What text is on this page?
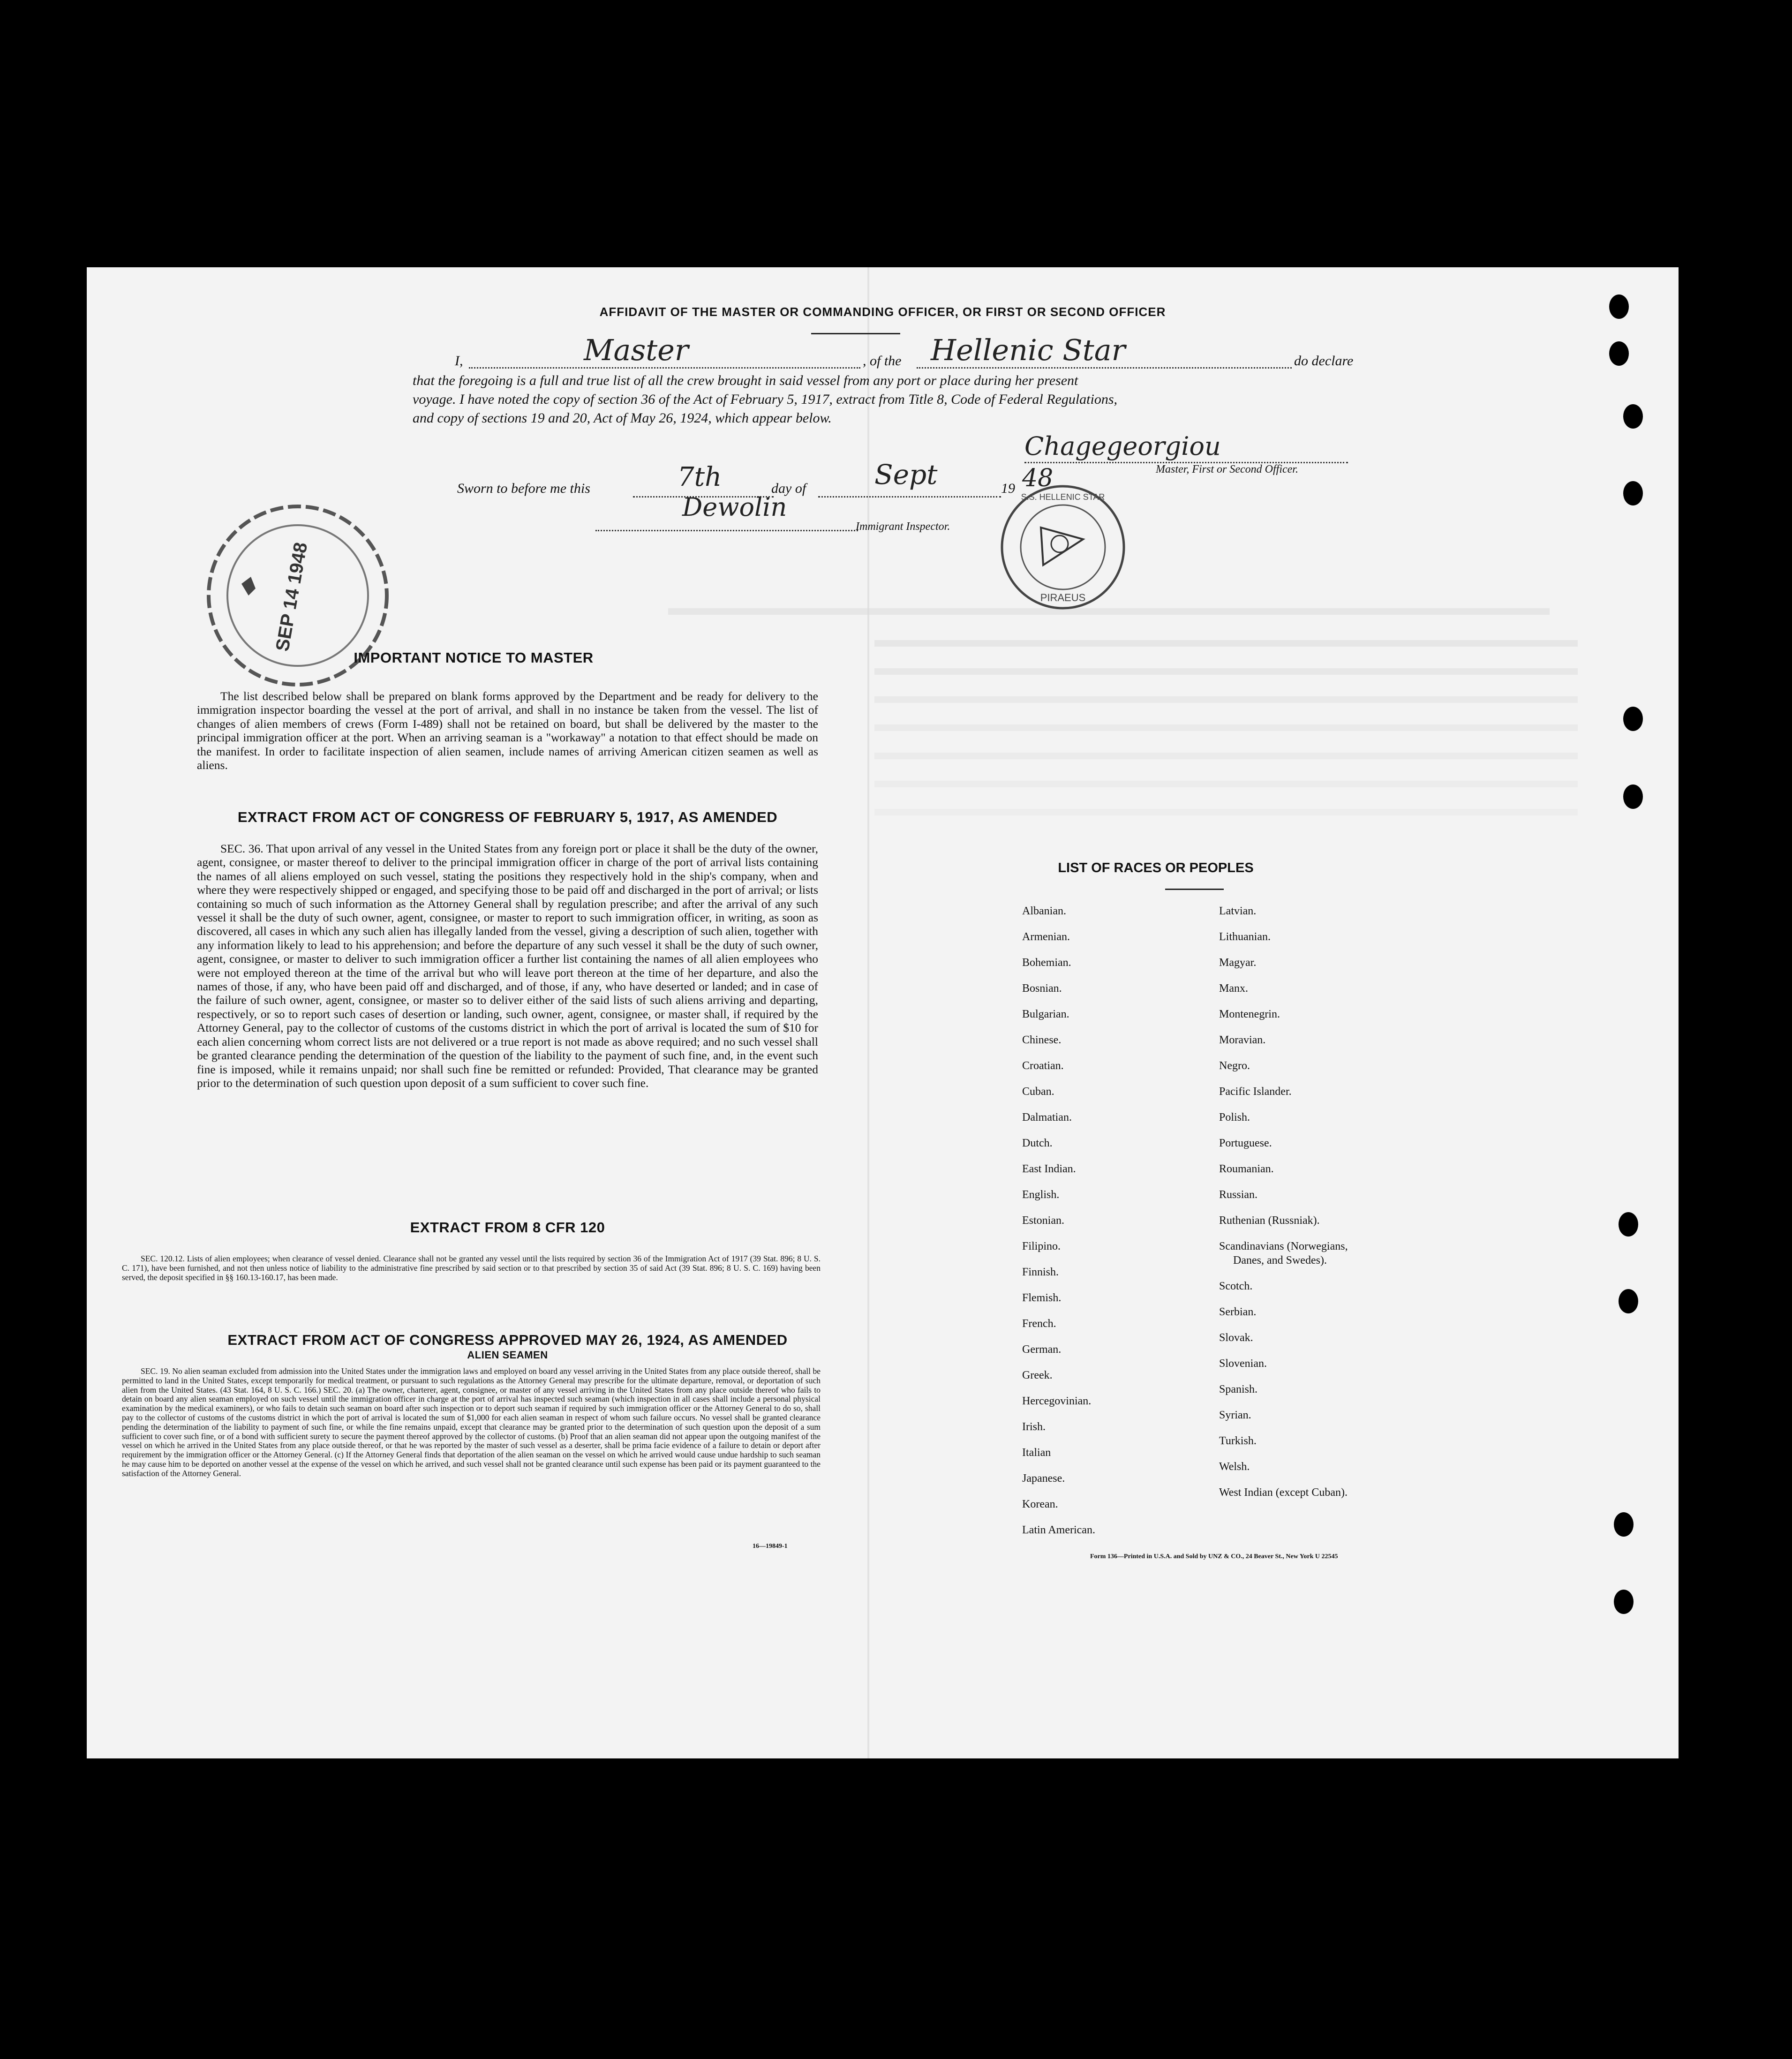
AFFIDAVIT OF THE MASTER OR COMMANDING OFFICER, OR FIRST OR SECOND OFFICER
I,	Master	, of the Hellenic Star	do declare
that the foregoing is a full and true list of all the crew brought in said vessel from any port or place during her present
voyage. I have noted the copy of section 36 of the Act of February 5, 1917, extract from Title 8, Code of Federal Regulations,
and copy of sections 19 and 20, Act of May 26, 1924, which appear below.
Chagegeorgiou
Master, First or Second Officer.
Sworn to before me this	7th	day of	Sept	19 48
Dewolin
Immigrant Inspector.
SEP 14 1948
S.S. HELLENIC STAR
PIRAEUS
IMPORTANT NOTICE TO MASTER
The list described below shall be prepared on blank forms approved by the Department and be ready for delivery to the immigration inspector boarding the vessel at the port of arrival, and shall in no instance be taken from the vessel. The list of changes of alien members of crews (Form I-489) shall not be retained on board, but shall be delivered by the master to the principal immigration officer at the port. When an arriving seaman is a "workaway" a notation to that effect should be made on the manifest. In order to facilitate inspection of alien seamen, include names of arriving American citizen seamen as well as aliens.
EXTRACT FROM ACT OF CONGRESS OF FEBRUARY 5, 1917, AS AMENDED
SEC. 36. That upon arrival of any vessel in the United States from any foreign port or place it shall be the duty of the owner, agent, consignee, or master thereof to deliver to the principal immigration officer in charge of the port of arrival lists containing the names of all aliens employed on such vessel, stating the positions they respectively hold in the ship's company, when and where they were respectively shipped or engaged, and specifying those to be paid off and discharged in the port of arrival; or lists containing so much of such information as the Attorney General shall by regulation prescribe; and after the arrival of any such vessel it shall be the duty of such owner, agent, consignee, or master to report to such immigration officer, in writing, as soon as discovered, all cases in which any such alien has illegally landed from the vessel, giving a description of such alien, together with any information likely to lead to his apprehension; and before the departure of any such vessel it shall be the duty of such owner, agent, consignee, or master to deliver to such immigration officer a further list containing the names of all alien employees who were not employed thereon at the time of the arrival but who will leave port thereon at the time of her departure, and also the names of those, if any, who have been paid off and discharged, and of those, if any, who have deserted or landed; and in case of the failure of such owner, agent, consignee, or master so to deliver either of the said lists of such aliens arriving and departing, respectively, or so to report such cases of desertion or landing, such owner, agent, consignee, or master shall, if required by the Attorney General, pay to the collector of customs of the customs district in which the port of arrival is located the sum of $10 for each alien concerning whom correct lists are not delivered or a true report is not made as above required; and no such vessel shall be granted clearance pending the determination of the question of the liability to the payment of such fine, and, in the event such fine is imposed, while it remains unpaid; nor shall such fine be remitted or refunded: Provided, That clearance may be granted prior to the determination of such question upon deposit of a sum sufficient to cover such fine.
EXTRACT FROM 8 CFR 120
SEC. 120.12. Lists of alien employees; when clearance of vessel denied. Clearance shall not be granted any vessel until the lists required by section 36 of the Immigration Act of 1917 (39 Stat. 896; 8 U. S. C. 171), have been furnished, and not then unless notice of liability to the administrative fine prescribed by said section or to that prescribed by section 35 of said Act (39 Stat. 896; 8 U. S. C. 169) having been served, the deposit specified in §§ 160.13-160.17, has been made.
EXTRACT FROM ACT OF CONGRESS APPROVED MAY 26, 1924, AS AMENDED
ALIEN SEAMEN
SEC. 19. No alien seaman excluded from admission into the United States under the immigration laws and employed on board any vessel arriving in the United States from any place outside thereof, shall be permitted to land in the United States, except temporarily for medical treatment, or pursuant to such regulations as the Attorney General may prescribe for the ultimate departure, removal, or deportation of such alien from the United States. (43 Stat. 164, 8 U. S. C. 166.) SEC. 20. (a) The owner, charterer, agent, consignee, or master of any vessel arriving in the United States from any place outside thereof who fails to detain on board any alien seaman employed on such vessel until the immigration officer in charge at the port of arrival has inspected such seaman (which inspection in all cases shall include a personal physical examination by the medical examiners), or who fails to detain such seaman on board after such inspection or to deport such seaman if required by such immigration officer or the Attorney General to do so, shall pay to the collector of customs of the customs district in which the port of arrival is located the sum of $1,000 for each alien seaman in respect of whom such failure occurs. No vessel shall be granted clearance pending the determination of the liability to payment of such fine, or while the fine remains unpaid, except that clearance may be granted prior to the determination of such question upon the deposit of a sum sufficient to cover such fine, or of a bond with sufficient surety to secure the payment thereof approved by the collector of customs. (b) Proof that an alien seaman did not appear upon the outgoing manifest of the vessel on which he arrived in the United States from any place outside thereof, or that he was reported by the master of such vessel as a deserter, shall be prima facie evidence of a failure to detain or deport after requirement by the immigration officer or the Attorney General. (c) If the Attorney General finds that deportation of the alien seaman on the vessel on which he arrived would cause undue hardship to such seaman he may cause him to be deported on another vessel at the expense of the vessel on which he arrived, and such vessel shall not be granted clearance until such expense has been paid or its payment guaranteed to the satisfaction of the Attorney General.
16—19849-1
LIST OF RACES OR PEOPLES
Form 136—Printed in U.S.A. and Sold by UNZ & CO., 24 Beaver St., New York U 22545
Albanian.
Armenian.
Bohemian.
Bosnian.
Bulgarian.
Chinese.
Croatian.
Cuban.
Dalmatian.
Dutch.
East Indian.
English.
Estonian.
Filipino.
Finnish.
Flemish.
French.
German.
Greek.
Hercegovinian.
Irish.
Italian
Japanese.
Korean.
Latin American.
Latvian.
Lithuanian.
Magyar.
Manx.
Montenegrin.
Moravian.
Negro.
Pacific Islander.
Polish.
Portuguese.
Roumanian.
Russian.
Ruthenian (Russniak).
Scandinavians (Norwegians,
Danes, and Swedes).
Scotch.
Serbian.
Slovak.
Slovenian.
Spanish.
Syrian.
Turkish.
Welsh.
West Indian (except Cuban).
